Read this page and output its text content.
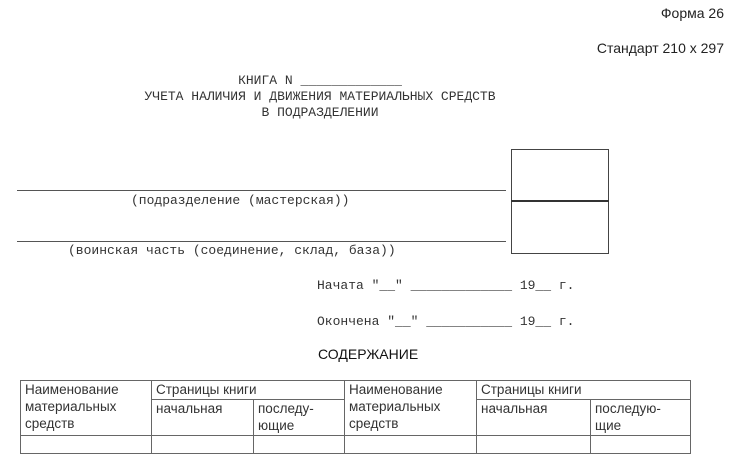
Форма 26
Стандарт 210 x 297
КНИГА N _____________
УЧЕТА НАЛИЧИЯ И ДВИЖЕНИЯ МАТЕРИАЛЬНЫХ СРЕДСТВ
В ПОДРАЗДЕЛЕНИИ
(подразделение (мастерская))
(воинская часть (соединение, склад, база))
Начата "__" _____________ 19__ г.
Окончена "__" ___________ 19__ г.
СОДЕРЖАНИЕ
Наименование материальных средств	Страницы книги		Наименование материальных средств	Страницы книги	
	начальная	последу-ющие		начальная	последую-щие
